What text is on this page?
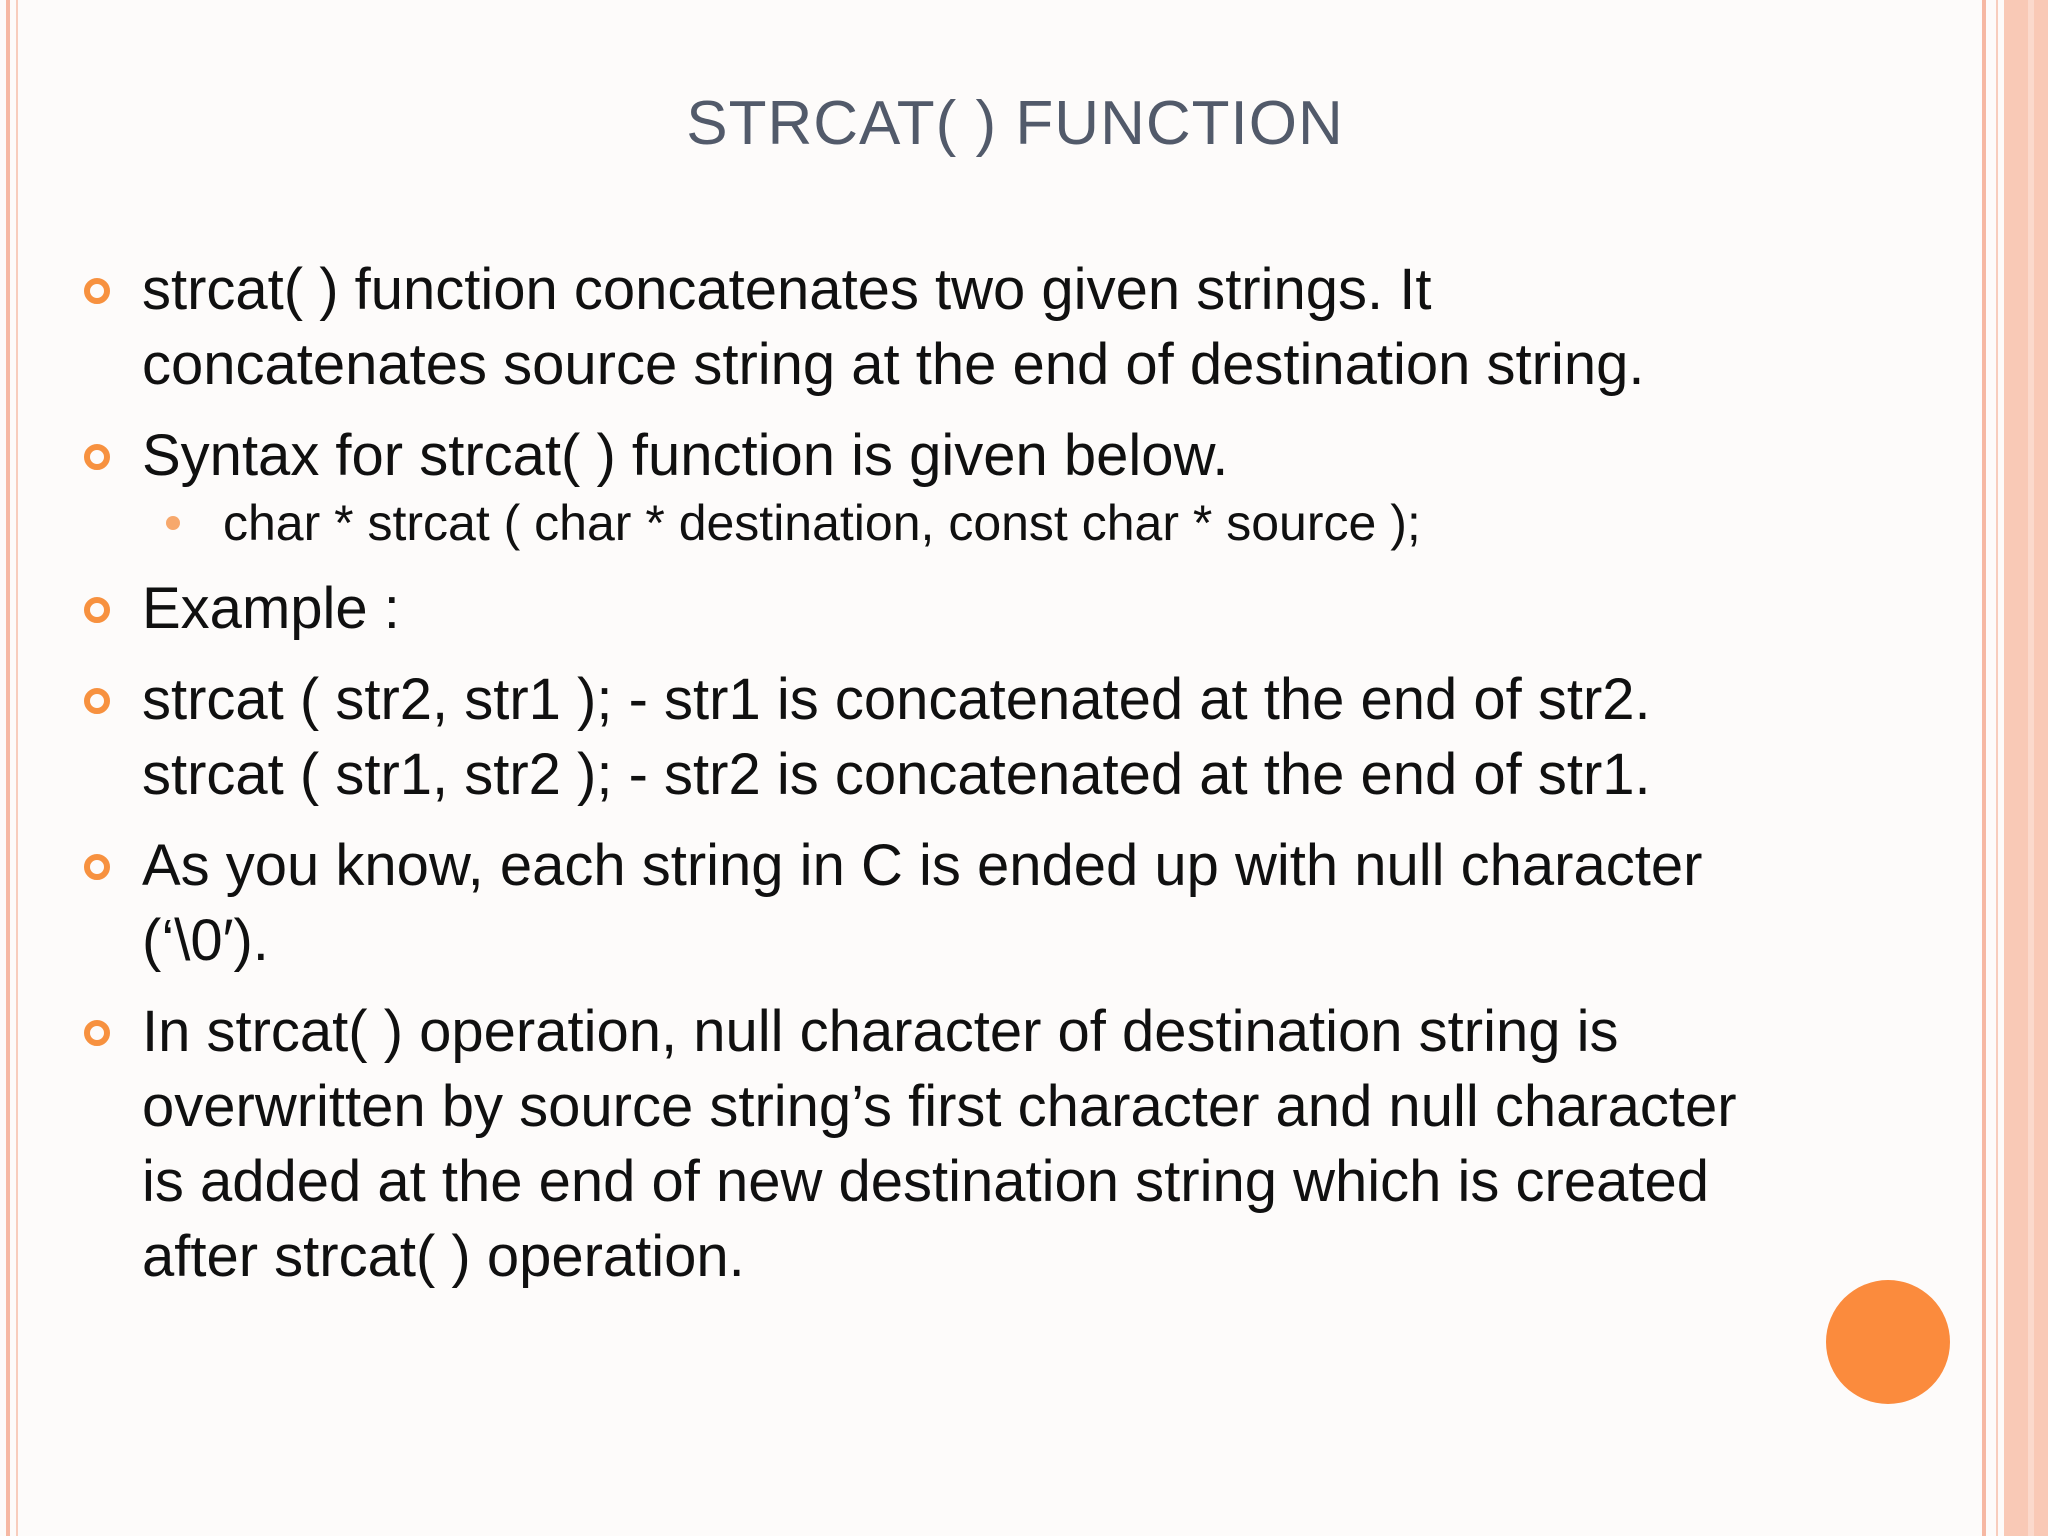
STRCAT( ) FUNCTION
strcat( ) function concatenates two given strings. It
concatenates source string at the end of destination string.
Syntax for strcat( ) function is given below.
char * strcat ( char * destination, const char * source );
Example :
strcat ( str2, str1 ); - str1 is concatenated at the end of str2.
strcat ( str1, str2 ); - str2 is concatenated at the end of str1.
As you know, each string in C is ended up with null character
(‘\0′).
In strcat( ) operation, null character of destination string is
overwritten by source string’s first character and null character
is added at the end of new destination string which is created
after strcat( ) operation.
